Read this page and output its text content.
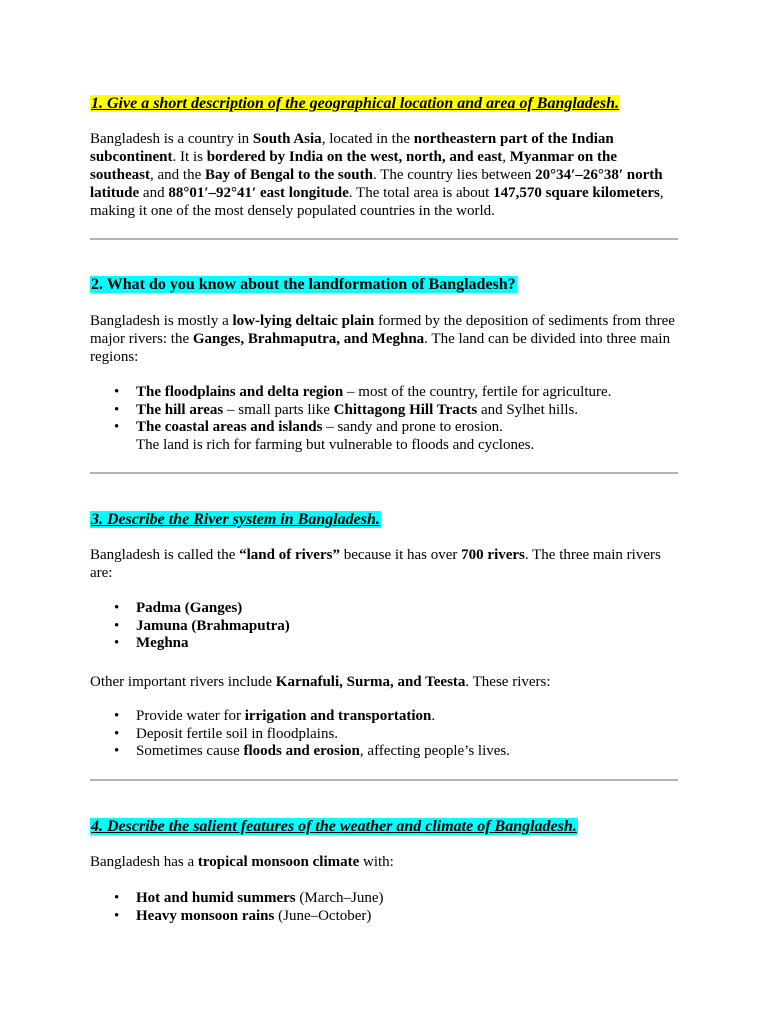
1. Give a short description of the geographical location and area of Bangladesh.

Bangladesh is a country in South Asia, located in the northeastern part of the Indian subcontinent. It is bordered by India on the west, north, and east, Myanmar on the southeast, and the Bay of Bengal to the south. The country lies between 20°34′–26°38′ north latitude and 88°01′–92°41′ east longitude. The total area is about 147,570 square kilometers, making it one of the most densely populated countries in the world.

2. What do you know about the landformation of Bangladesh?

Bangladesh is mostly a low-lying deltaic plain formed by the deposition of sediments from three major rivers: the Ganges, Brahmaputra, and Meghna. The land can be divided into three main regions:

• The floodplains and delta region – most of the country, fertile for agriculture.
• The hill areas – small parts like Chittagong Hill Tracts and Sylhet hills.
• The coastal areas and islands – sandy and prone to erosion.
The land is rich for farming but vulnerable to floods and cyclones.
3. Describe the River system in Bangladesh.

Bangladesh is called the “land of rivers” because it has over 700 rivers. The three main rivers are:

• Padma (Ganges)
• Jamuna (Brahmaputra)
• Meghna

Other important rivers include Karnafuli, Surma, and Teesta. These rivers:

• Provide water for irrigation and transportation.
• Deposit fertile soil in floodplains.
• Sometimes cause floods and erosion, affecting people’s lives.
4. Describe the salient features of the weather and climate of Bangladesh.

Bangladesh has a tropical monsoon climate with:

• Hot and humid summers (March–June)
• Heavy monsoon rains (June–October)
